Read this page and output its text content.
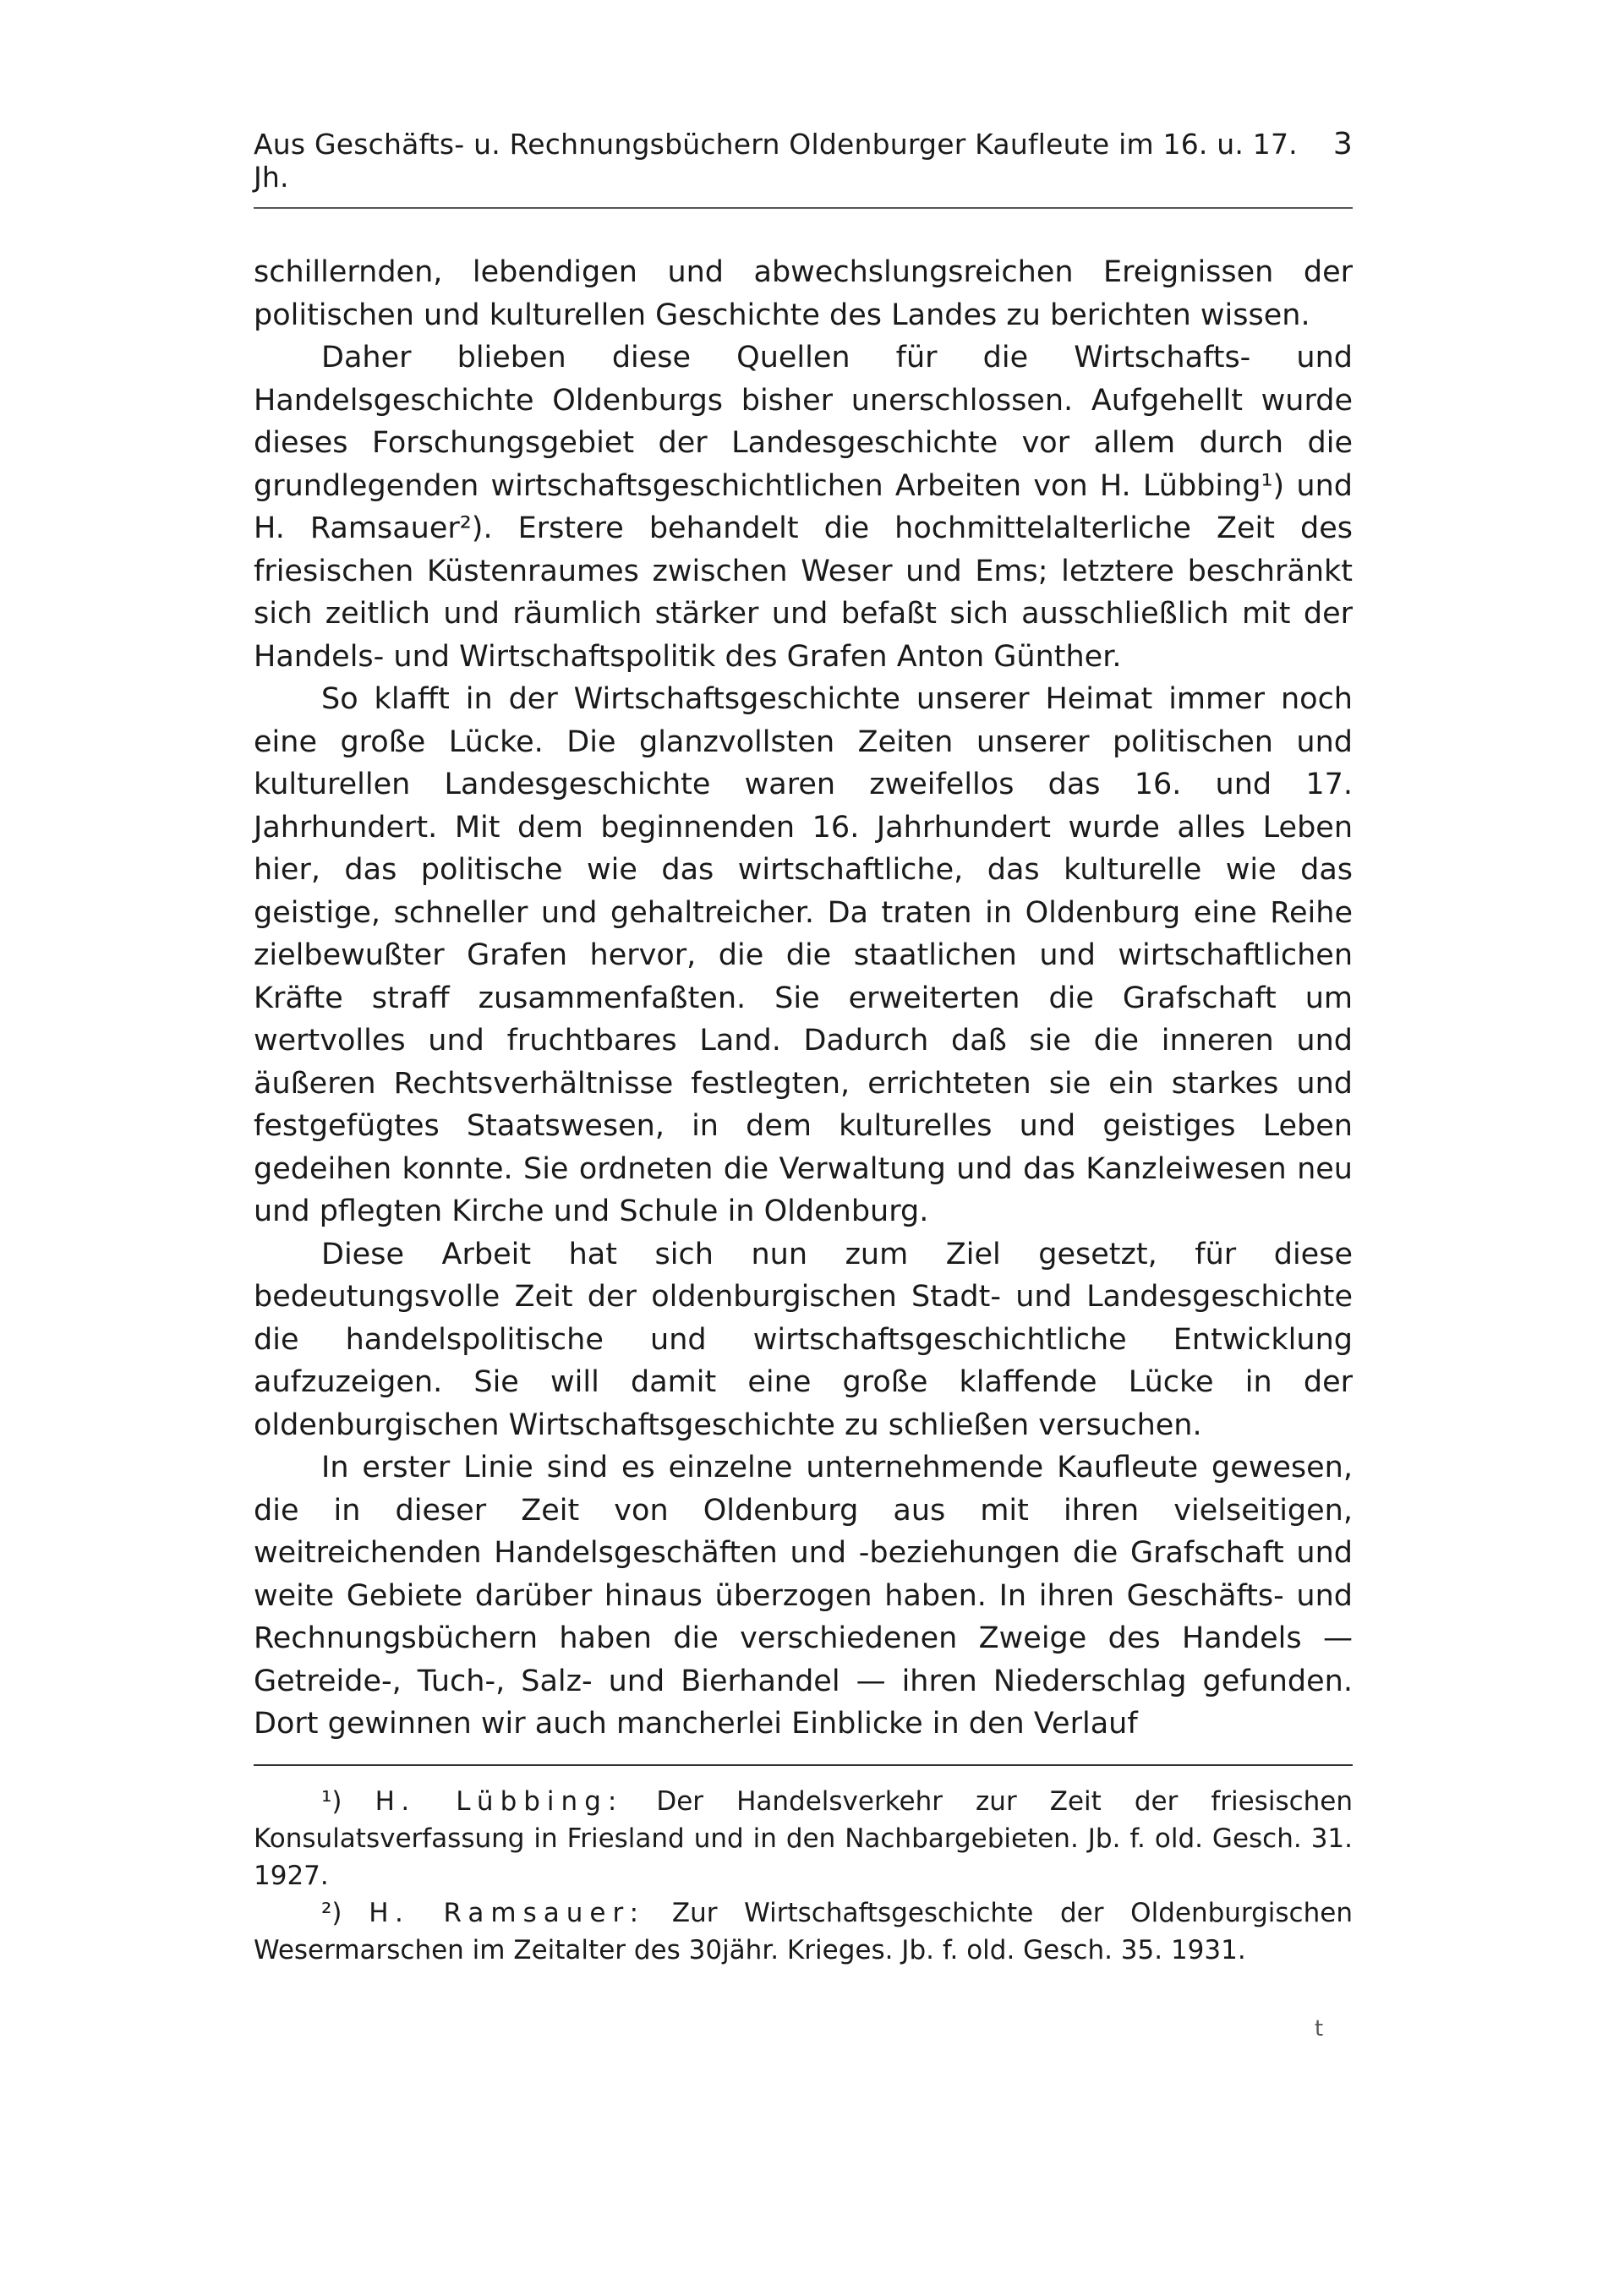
Aus Geschäfts- u. Rechnungsbüchern Oldenburger Kaufleute im 16. u. 17. Jh.
3

schillernden, lebendigen und abwechslungsreichen Ereignissen der politischen und kulturellen Geschichte des Landes zu berichten wissen.

Daher blieben diese Quellen für die Wirtschafts- und Handelsgeschichte Oldenburgs bisher unerschlossen. Aufgehellt wurde dieses Forschungsgebiet der Landesgeschichte vor allem durch die grundlegenden wirtschaftsgeschichtlichen Arbeiten von H. Lübbing¹) und H. Ramsauer²). Erstere behandelt die hochmittelalterliche Zeit des friesischen Küstenraumes zwischen Weser und Ems; letztere beschränkt sich zeitlich und räumlich stärker und befaßt sich ausschließlich mit der Handels- und Wirtschaftspolitik des Grafen Anton Günther.

So klafft in der Wirtschaftsgeschichte unserer Heimat immer noch eine große Lücke. Die glanzvollsten Zeiten unserer politischen und kulturellen Landesgeschichte waren zweifellos das 16. und 17. Jahrhundert. Mit dem beginnenden 16. Jahrhundert wurde alles Leben hier, das politische wie das wirtschaftliche, das kulturelle wie das geistige, schneller und gehaltreicher. Da traten in Oldenburg eine Reihe zielbewußter Grafen hervor, die die staatlichen und wirtschaftlichen Kräfte straff zusammenfaßten. Sie erweiterten die Grafschaft um wertvolles und fruchtbares Land. Dadurch daß sie die inneren und äußeren Rechtsverhältnisse festlegten, errichteten sie ein starkes und festgefügtes Staatswesen, in dem kulturelles und geistiges Leben gedeihen konnte. Sie ordneten die Verwaltung und das Kanzleiwesen neu und pflegten Kirche und Schule in Oldenburg.

Diese Arbeit hat sich nun zum Ziel gesetzt, für diese bedeutungsvolle Zeit der oldenburgischen Stadt- und Landesgeschichte die handelspolitische und wirtschaftsgeschichtliche Entwicklung aufzuzeigen. Sie will damit eine große klaffende Lücke in der oldenburgischen Wirtschaftsgeschichte zu schließen versuchen.

In erster Linie sind es einzelne unternehmende Kaufleute gewesen, die in dieser Zeit von Oldenburg aus mit ihren vielseitigen, weitreichenden Handelsgeschäften und -beziehungen die Grafschaft und weite Gebiete darüber hinaus überzogen haben. In ihren Geschäfts- und Rechnungsbüchern haben die verschiedenen Zweige des Handels — Getreide-, Tuch-, Salz- und Bierhandel — ihren Niederschlag gefunden. Dort gewinnen wir auch mancherlei Einblicke in den Verlauf

¹) H. Lübbing: Der Handelsverkehr zur Zeit der friesischen Konsulatsverfassung in Friesland und in den Nachbargebieten. Jb. f. old. Gesch. 31. 1927.

²) H. Ramsauer: Zur Wirtschaftsgeschichte der Oldenburgischen Wesermarschen im Zeitalter des 30jähr. Krieges. Jb. f. old. Gesch. 35. 1931.

t
